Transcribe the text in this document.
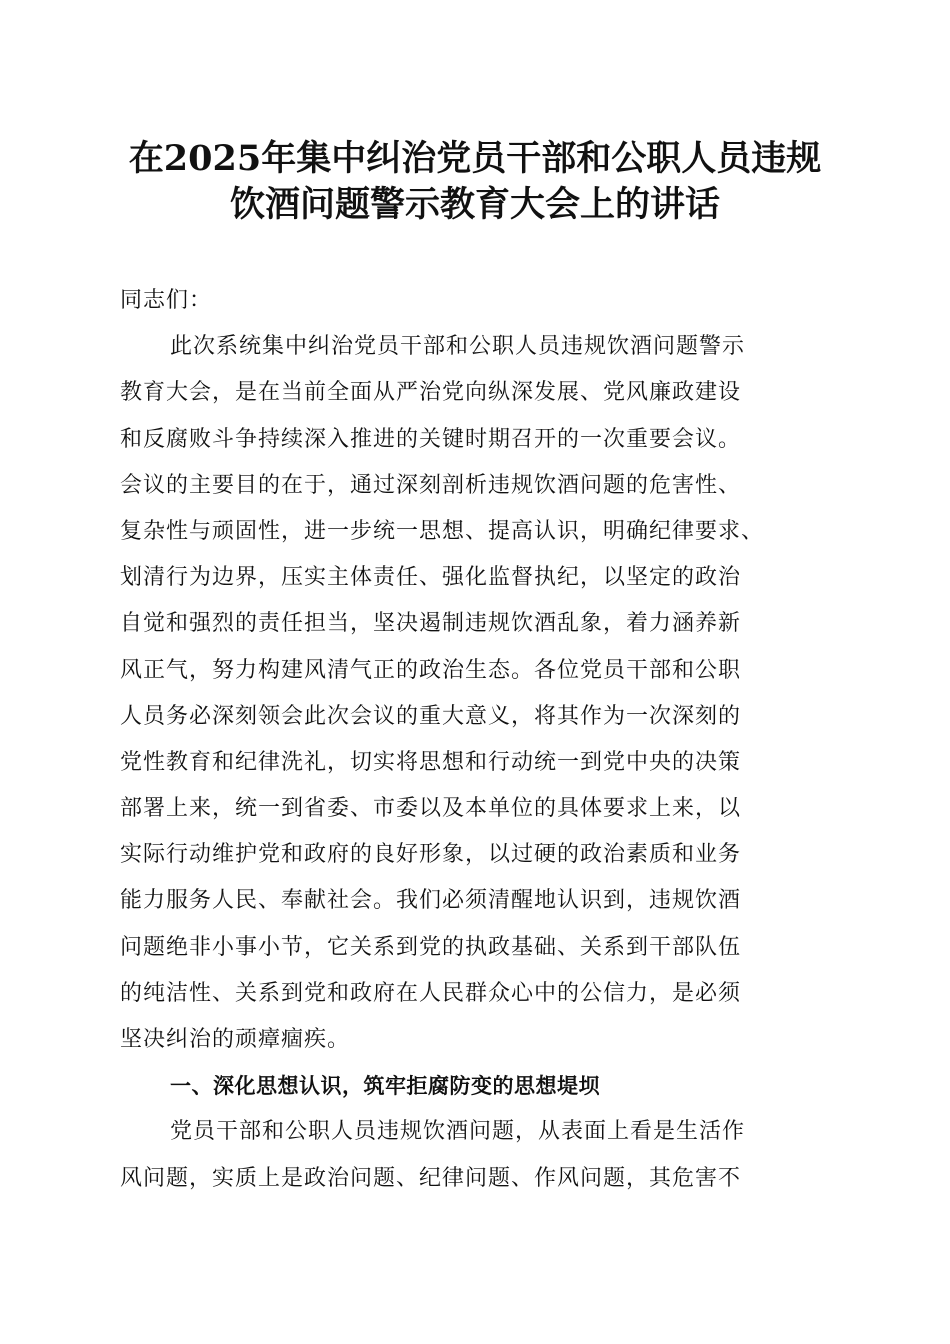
在2025年集中纠治党员干部和公职人员违规
饮酒问题警示教育大会上的讲话
同志们：
此次系统集中纠治党员干部和公职人员违规饮酒问题警示
教育大会，是在当前全面从严治党向纵深发展、党风廉政建设
和反腐败斗争持续深入推进的关键时期召开的一次重要会议。
会议的主要目的在于，通过深刻剖析违规饮酒问题的危害性、
复杂性与顽固性，进一步统一思想、提高认识，明确纪律要求、
划清行为边界，压实主体责任、强化监督执纪，以坚定的政治
自觉和强烈的责任担当，坚决遏制违规饮酒乱象，着力涵养新
风正气，努力构建风清气正的政治生态。各位党员干部和公职
人员务必深刻领会此次会议的重大意义，将其作为一次深刻的
党性教育和纪律洗礼，切实将思想和行动统一到党中央的决策
部署上来，统一到省委、市委以及本单位的具体要求上来，以
实际行动维护党和政府的良好形象，以过硬的政治素质和业务
能力服务人民、奉献社会。我们必须清醒地认识到，违规饮酒
问题绝非小事小节，它关系到党的执政基础、关系到干部队伍
的纯洁性、关系到党和政府在人民群众心中的公信力，是必须
坚决纠治的顽瘴痼疾。
一、深化思想认识，筑牢拒腐防变的思想堤坝
党员干部和公职人员违规饮酒问题，从表面上看是生活作
风问题，实质上是政治问题、纪律问题、作风问题，其危害不
